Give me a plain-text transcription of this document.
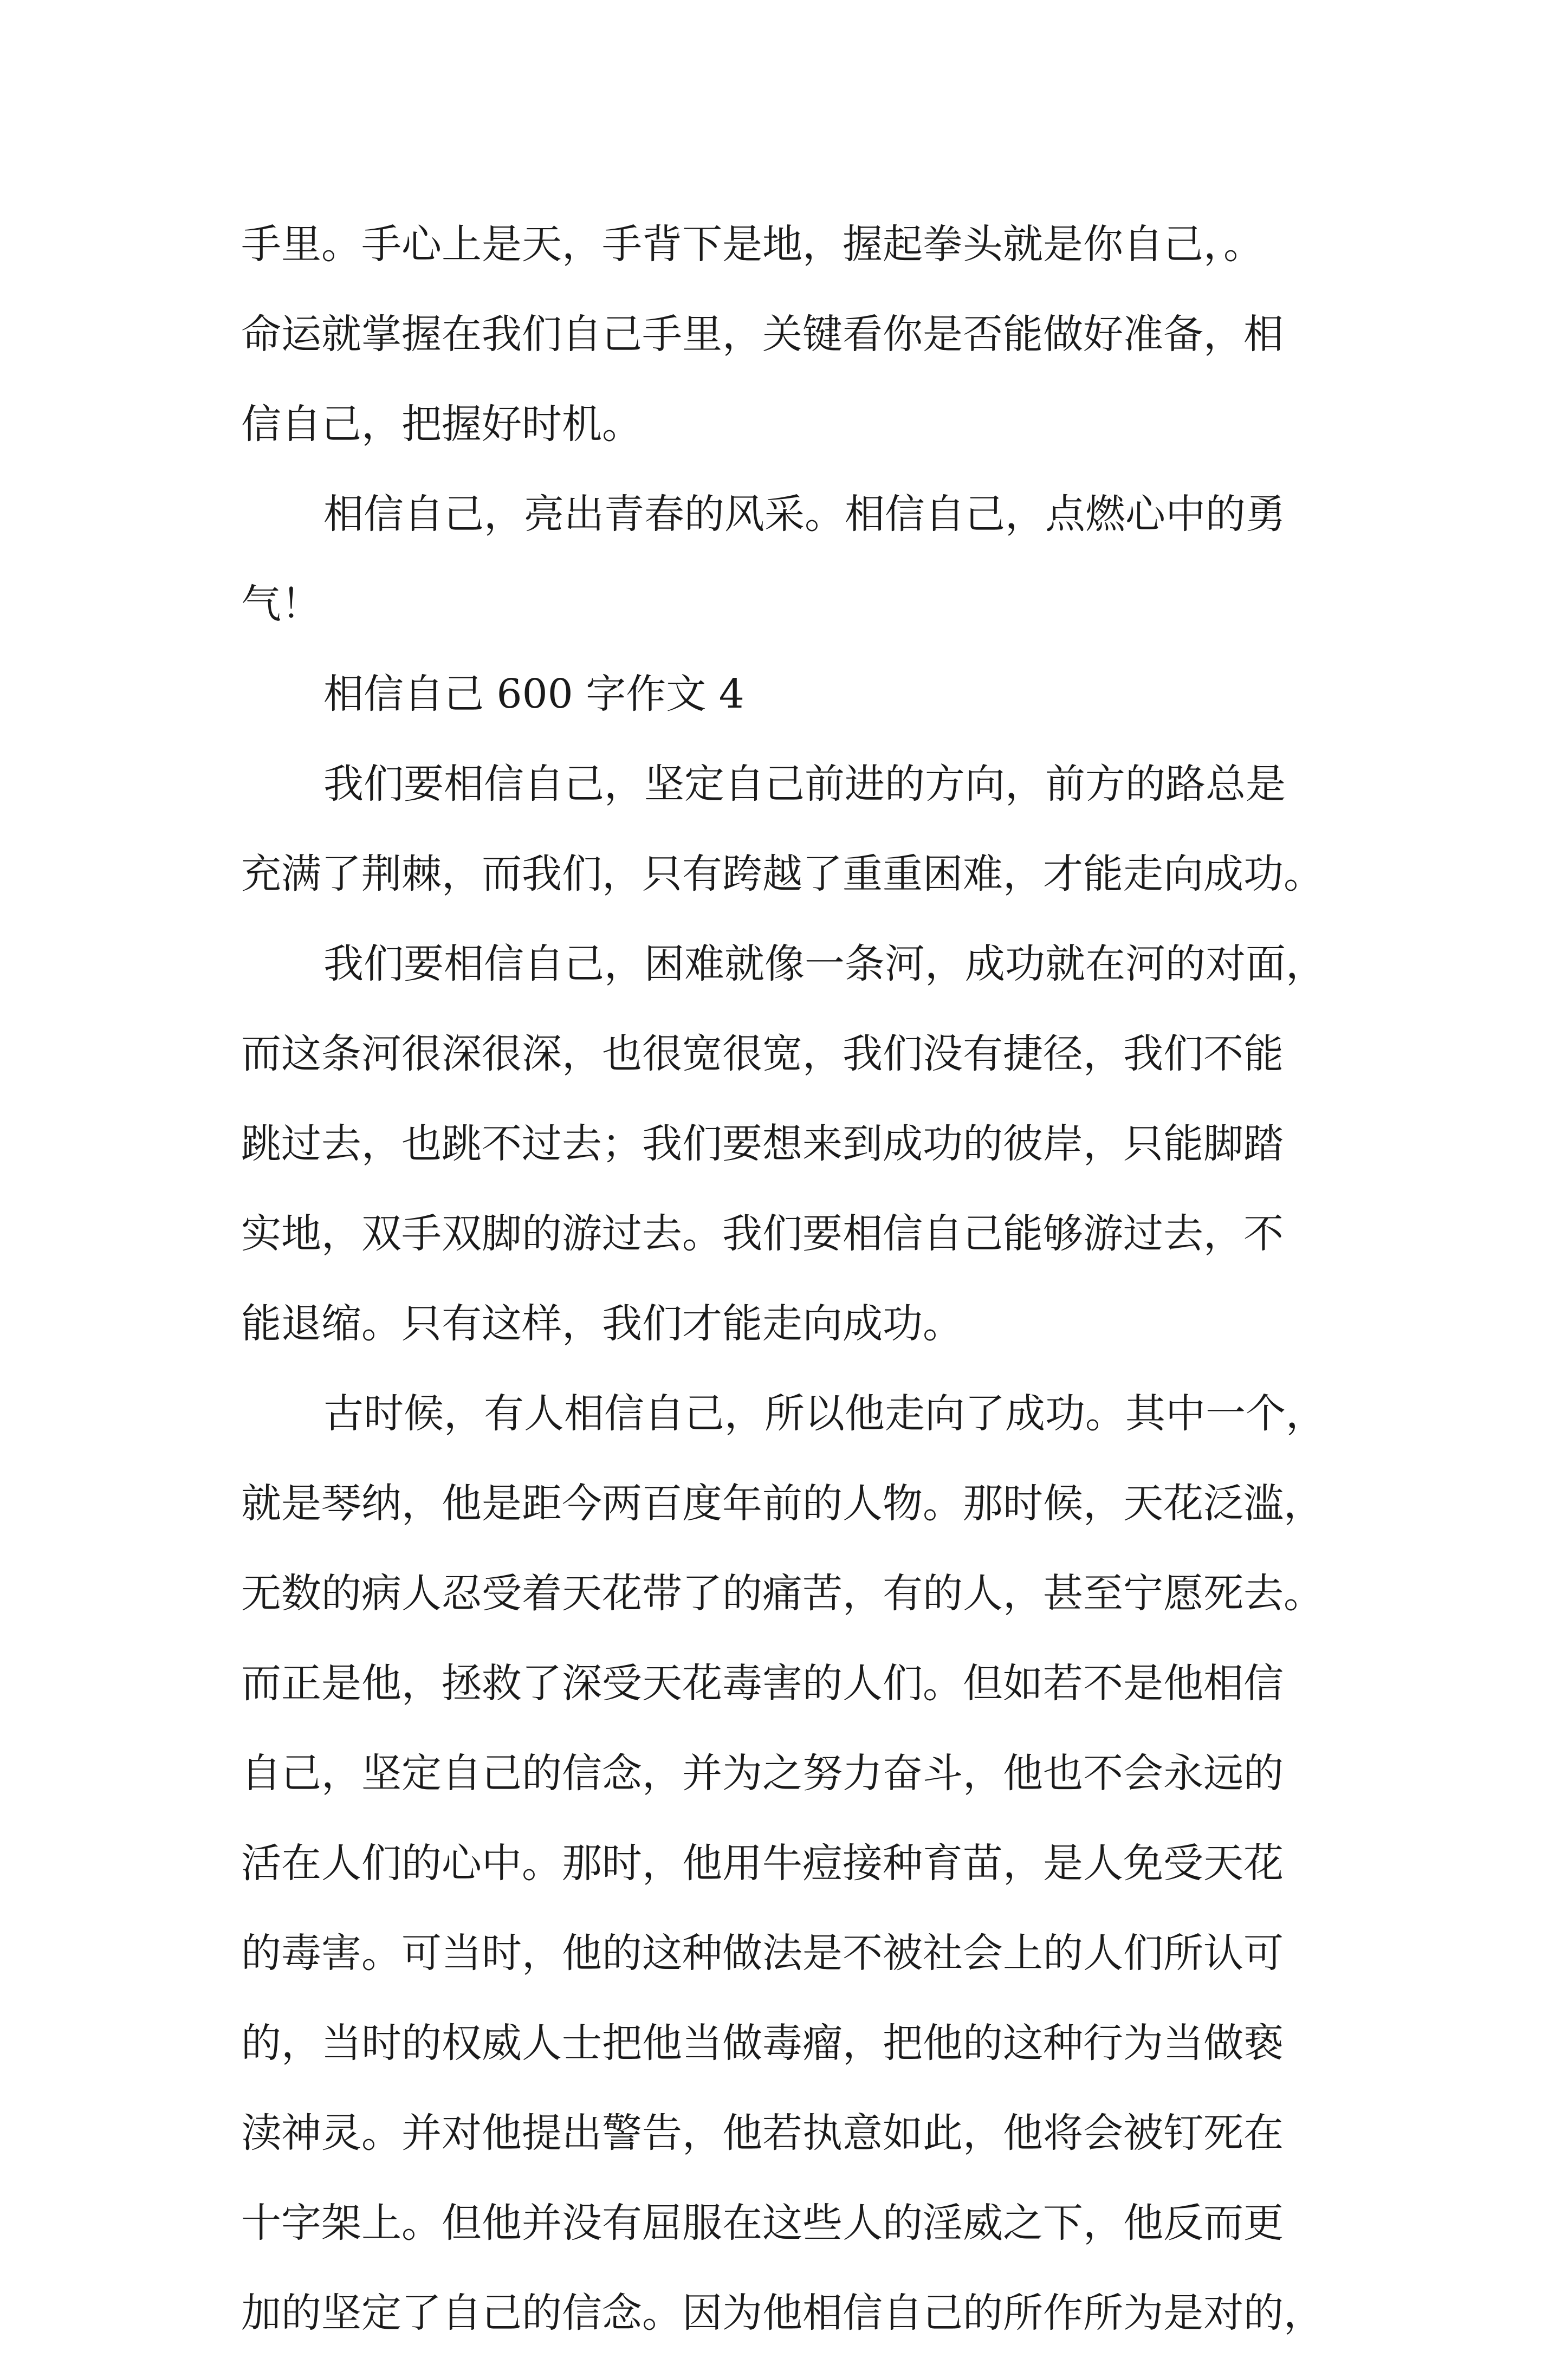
手里。手心上是天，手背下是地，握起拳头就是你自己，。

命运就掌握在我们自己手里，关键看你是否能做好准备，相

信自己，把握好时机。

相信自己，亮出青春的风采。相信自己，点燃心中的勇

气！

相信自己 600 字作文 4

我们要相信自己，坚定自己前进的方向，前方的路总是

充满了荆棘，而我们，只有跨越了重重困难，才能走向成功。

我们要相信自己，困难就像一条河，成功就在河的对面，

而这条河很深很深，也很宽很宽，我们没有捷径，我们不能

跳过去，也跳不过去；我们要想来到成功的彼岸，只能脚踏

实地，双手双脚的游过去。我们要相信自己能够游过去，不

能退缩。只有这样，我们才能走向成功。

古时候，有人相信自己，所以他走向了成功。其中一个，

就是琴纳，他是距今两百度年前的人物。那时候，天花泛滥，

无数的病人忍受着天花带了的痛苦，有的人，甚至宁愿死去。

而正是他，拯救了深受天花毒害的人们。但如若不是他相信

自己，坚定自己的信念，并为之努力奋斗，他也不会永远的

活在人们的心中。那时，他用牛痘接种育苗，是人免受天花

的毒害。可当时，他的这种做法是不被社会上的人们所认可

的，当时的权威人士把他当做毒瘤，把他的这种行为当做亵

渎神灵。并对他提出警告，他若执意如此，他将会被钉死在

十字架上。但他并没有屈服在这些人的淫威之下，他反而更

加的坚定了自己的信念。因为他相信自己的所作所为是对的，
